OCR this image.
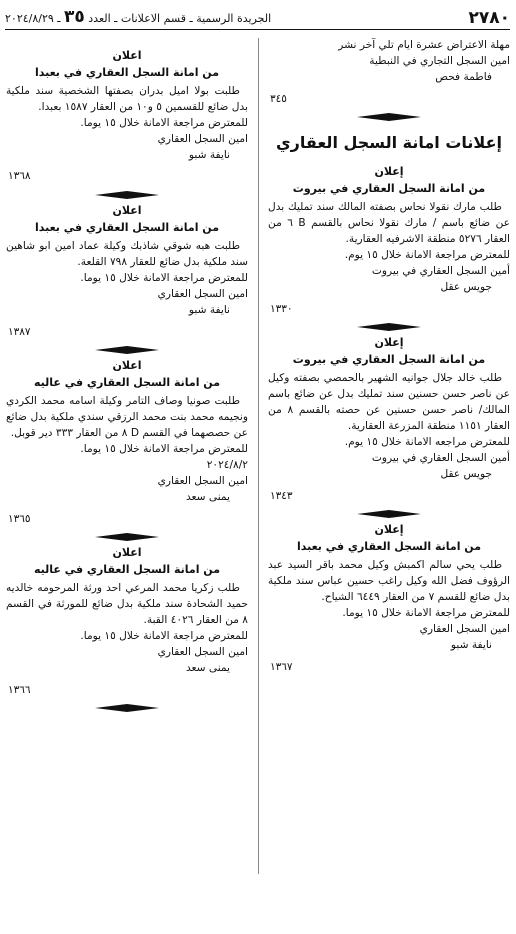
٢٧٨٠
الجريدة الرسمية ـ قسم الاعلانات ـ العدد ٣٥ ـ ٢٠٢٤/٨/٢٩
مهلة الاعتراض عشرة ايام تلي آخر نشر
امين السجل التجاري في النبطية
فاطمة فحص
٣٤٥
إعلانات امانة السجل العقاري
إعلان
من امانة السجل العقاري في بيروت
طلب مارك نقولا نحاس بصفته المالك سند تمليك بدل عن ضائع باسم / مارك نقولا نحاس بالقسم B ٦ من العقار ٥٢٧٦ منطقة الاشرفيه العقارية.
للمعترض مراجعة الامانة خلال ١٥ يوم.
أمين السجل العقاري في بيروت
جويس عقل
١٣٣٠
إعلان
من امانة السجل العقاري في بيروت
طلب خالد جلال جوانيه الشهير بالحمصي بصفته وكيل عن ناصر حسن حسنين سند تمليك بدل عن ضائع باسم المالك/ ناصر حسن حسنين عن حصته بالقسم ٨ من العقار ١١٥١ منطقة المزرعة العقارية.
للمعترض مراجعه الامانة خلال ١٥ يوم.
أمين السجل العقاري في بيروت
جويس عقل
١٣٤٣
إعلان
من امانة السجل العقاري في بعبدا
طلب يحي سالم اكمبش وكيل محمد باقر السيد عبد الرؤوف فضل الله وكيل راغب حسين عباس سند ملكية بدل ضائع للقسم ٧ من العقار ٦٤٤٩ الشياح.
للمعترض مراجعة الامانة خلال ١٥ يوما.
امين السجل العقاري
نايفة شبو
١٣٦٧
اعلان
من امانة السجل العقاري في بعبدا
طلبت بولا اميل بدران بصفتها الشخصية سند ملكية بدل ضائع للقسمين ٥ و١٠ من العقار ١٥٨٧ بعبدا.
للمعترض مراجعة الامانة خلال ١٥ يوما.
امين السجل العقاري
نايفة شبو
١٣٦٨
اعلان
من امانة السجل العقاري في بعبدا
طلبت هبه شوقي شاذبك وكيلة عماد امين ابو شاهين سند ملكية بدل ضائع للعقار ٧٩٨ القلعة.
للمعترض مراجعة الامانة خلال ١٥ يوما.
امين السجل العقاري
نايفة شبو
١٣٨٧
اعلان
من امانة السجل العقاري في عاليه
طلبت صونيا وصاف التامر وكيلة اسامه محمد الكردي ونجيمه محمد بنت محمد الرزقي سندي ملكية بدل ضائع عن حصصهما في القسم D ٨ من العقار ٣٣٣ دير قوبل.
للمعترض مراجعة الامانة خلال ١٥ يوما.
٢٠٢٤/٨/٢
امين السجل العقاري
يمنى سعد
١٣٦٥
اعلان
من امانة السجل العقاري في عاليه
طلب زكريا محمد المرعي احد ورثة المرحومه خالديه حميد الشحادة سند ملكية بدل ضائع للمورثة في القسم ٨ من العقار ٤٠٢٦ القبة.
للمعترض مراجعة الامانة خلال ١٥ يوما.
امين السجل العقاري
يمنى سعد
١٣٦٦
